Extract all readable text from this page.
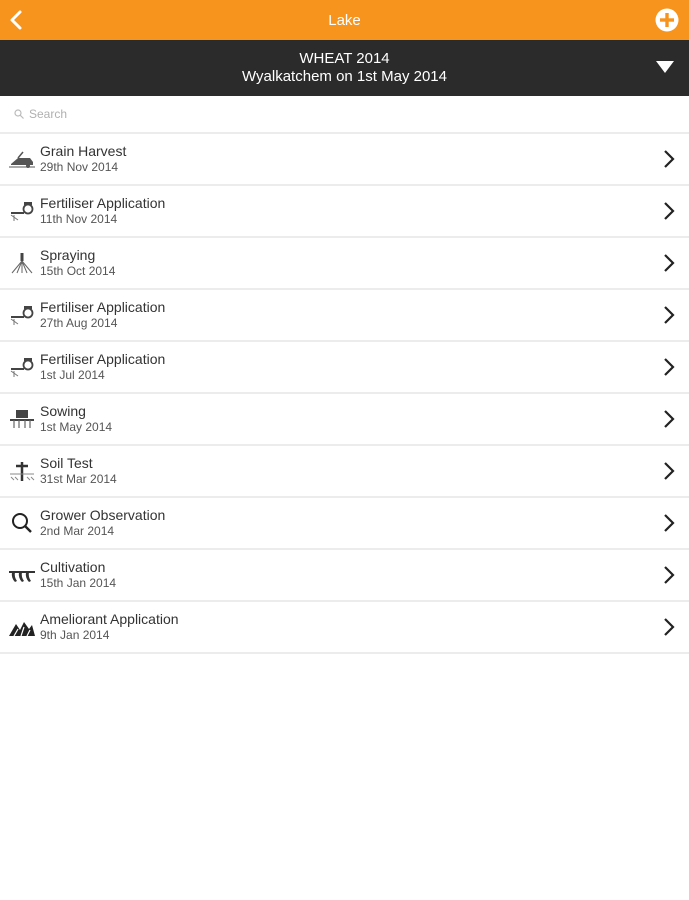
Lake
WHEAT 2014
Wyalkatchem on 1st May 2014
Search
Grain Harvest
29th Nov 2014
Fertiliser Application
11th Nov 2014
Spraying
15th Oct 2014
Fertiliser Application
27th Aug 2014
Fertiliser Application
1st Jul 2014
Sowing
1st May 2014
Soil Test
31st Mar 2014
Grower Observation
2nd Mar 2014
Cultivation
15th Jan 2014
Ameliorant Application
9th Jan 2014
